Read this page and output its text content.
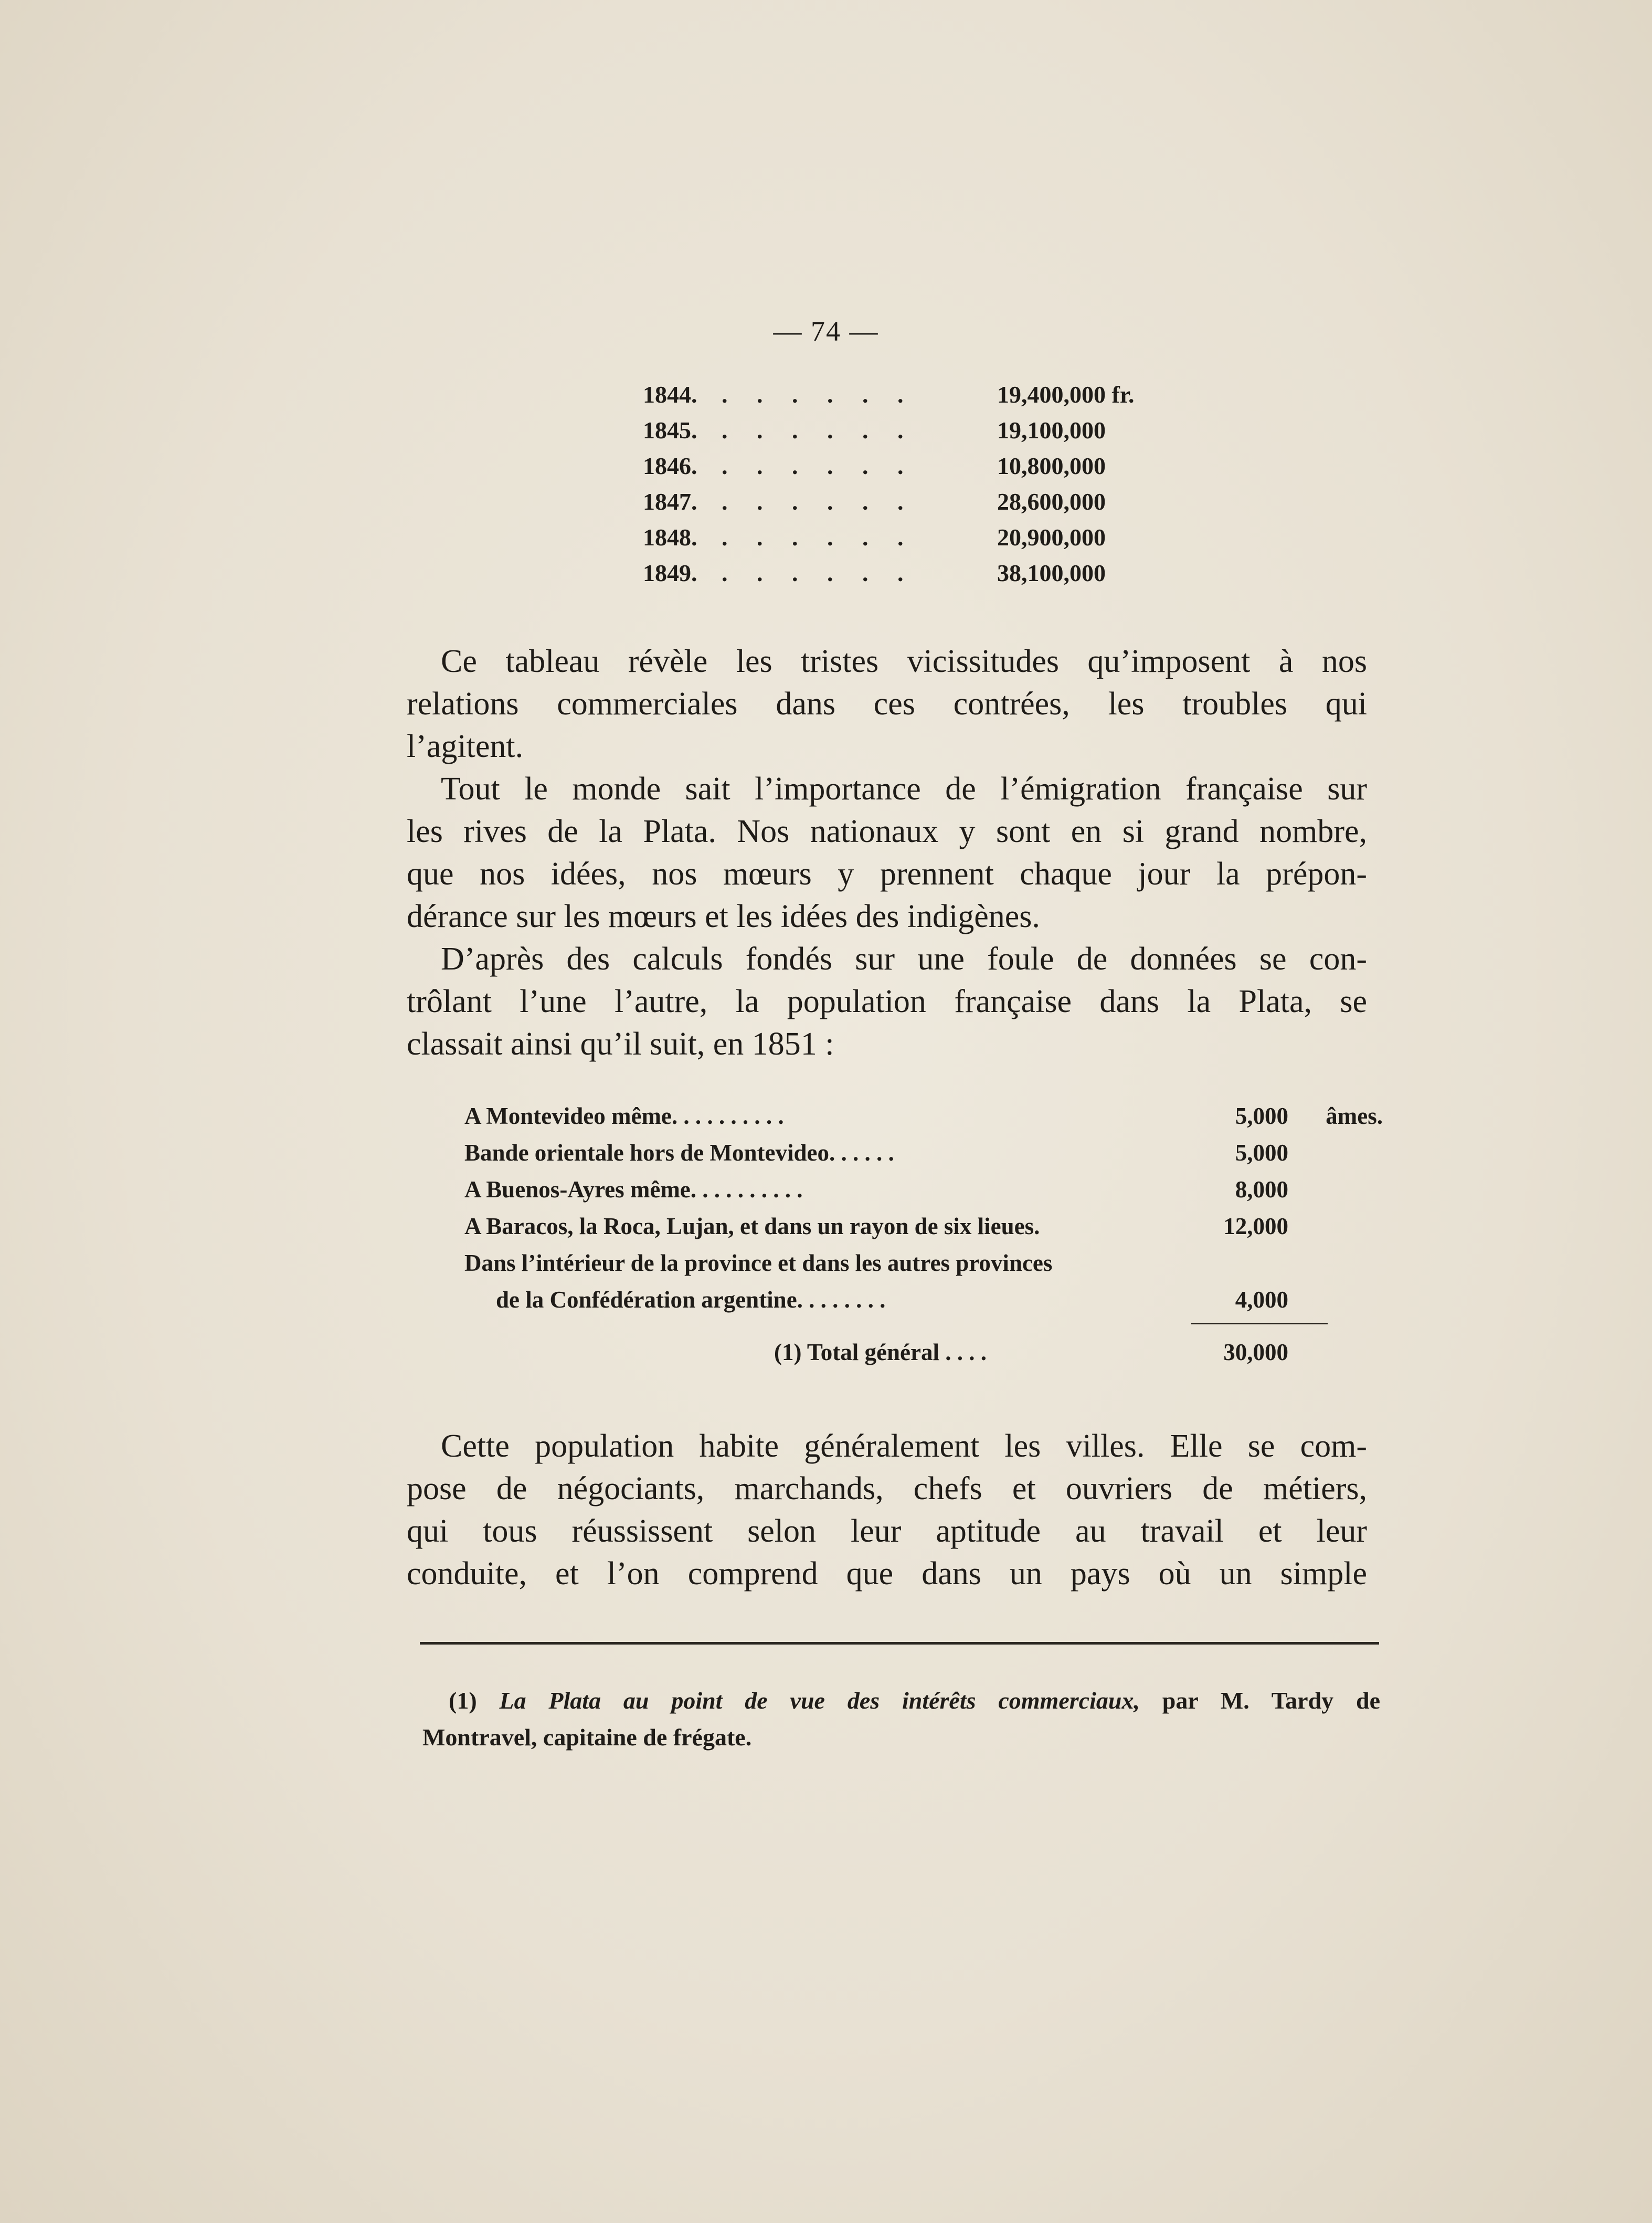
— 74 —
1844. . . . . . .	19,400,000 fr.
1845. . . . . . .	19,100,000
1846. . . . . . .	10,800,000
1847. . . . . . .	28,600,000
1848. . . . . . .	20,900,000
1849. . . . . . .	38,100,000
Ce tableau révèle les tristes vicissitudes qu’imposent à nos
relations commerciales dans ces contrées, les troubles qui
l’agitent.
Tout le monde sait l’importance de l’émigration française sur
les rives de la Plata. Nos nationaux y sont en si grand nombre,
que nos idées, nos mœurs y prennent chaque jour la prépon-
dérance sur les mœurs et les idées des indigènes.
D’après des calculs fondés sur une foule de données se con-
trôlant l’une l’autre, la population française dans la Plata, se
classait ainsi qu’il suit, en 1851 :
A Montevideo même. . . . . . . . . .	5,000 âmes.
Bande orientale hors de Montevideo. . . . . .	5,000
A Buenos-Ayres même. . . . . . . . . .	8,000
A Baracos, la Roca, Lujan, et dans un rayon de six lieues.	12,000
Dans l’intérieur de la province et dans les autres provinces
de la Confédération argentine. . . . . . . .	4,000
(1) Total général . . . .	30,000
Cette population habite généralement les villes. Elle se com-
pose de négociants, marchands, chefs et ouvriers de métiers,
qui tous réussissent selon leur aptitude au travail et leur
conduite, et l’on comprend que dans un pays où un simple
(1) La Plata au point de vue des intérêts commerciaux, par M. Tardy de
Montravel, capitaine de frégate.
